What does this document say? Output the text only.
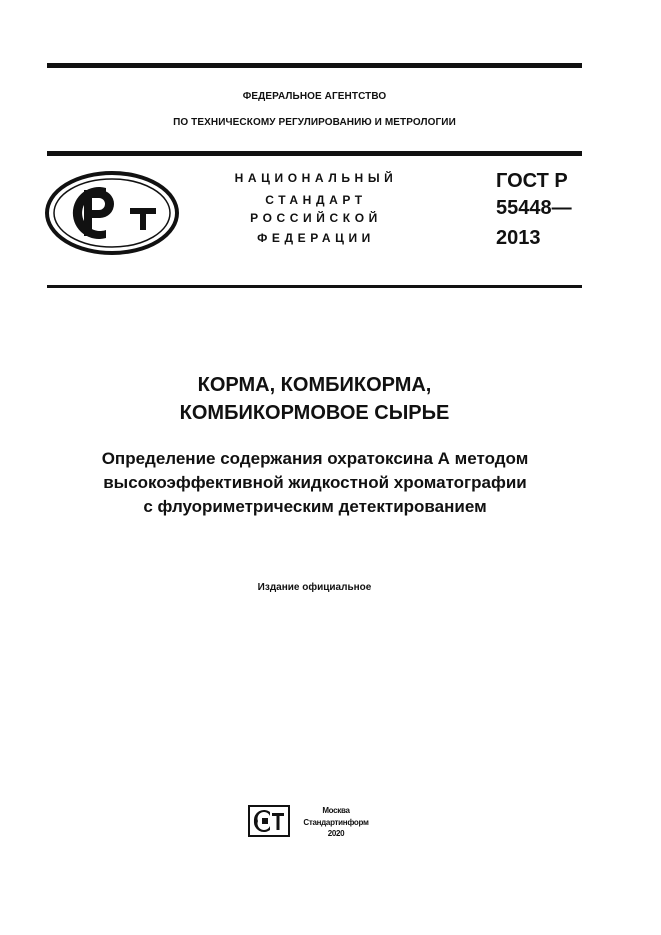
ФЕДЕРАЛЬНОЕ АГЕНТСТВО
ПО ТЕХНИЧЕСКОМУ РЕГУЛИРОВАНИЮ И МЕТРОЛОГИИ
НАЦИОНАЛЬНЫЙ
СТАНДАРТ
РОССИЙСКОЙ
ФЕДЕРАЦИИ
ГОСТ Р
55448—
2013
КОРМА, КОМБИКОРМА,
КОМБИКОРМОВОЕ СЫРЬЕ
Определение содержания охратоксина А методом
высокоэффективной жидкостной хроматографии
с флуориметрическим детектированием
Издание официальное
Москва
Стандартинформ
2020
